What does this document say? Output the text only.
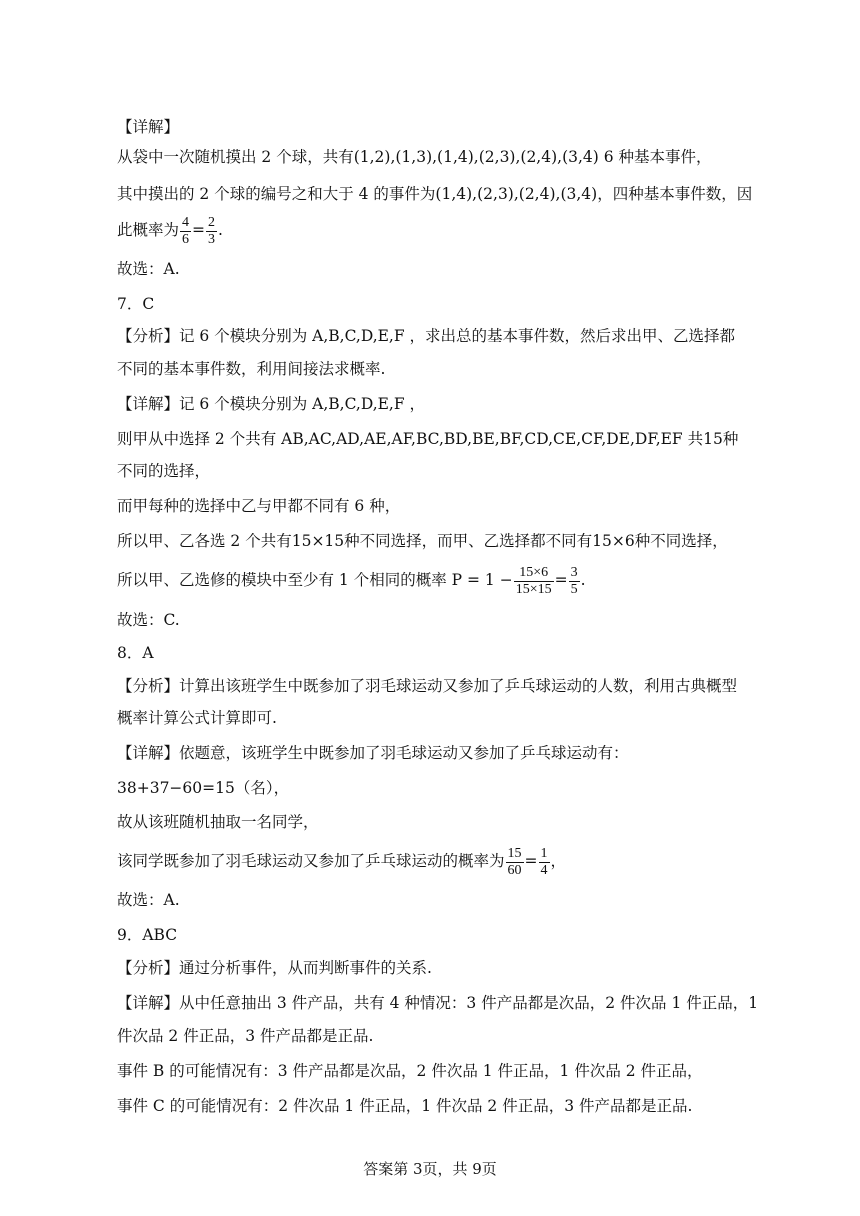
【详解】
从袋中一次随机摸出 2 个球，共有(1,2),(1,3),(1,4),(2,3),(2,4),(3,4) 6 种基本事件，
其中摸出的 2 个球的编号之和大于 4 的事件为(1,4),(2,3),(2,4),(3,4)，四种基本事件数，因
此概率为 $\frac{4}{6} = \frac{2}{3}$ .
故选：A.
7．C
【分析】记 6 个模块分别为 A,B,C,D,E,F ，求出总的基本事件数，然后求出甲、乙选择都
不同的基本事件数，利用间接法求概率.
【详解】记 6 个模块分别为 A,B,C,D,E,F ，
则甲从中选择 2 个共有 AB,AC,AD,AE,AF,BC,BD,BE,BF,CD,CE,CF,DE,DF,EF 共15种
不同的选择，
而甲每种的选择中乙与甲都不同有 6 种，
所以甲、乙各选 2 个共有15×15种不同选择，而甲、乙选择都不同有15×6种不同选择，
所以甲、乙选修的模块中至少有 1 个相同的概率 $P = 1 - \frac{15\times 6}{15\times 15} = \frac{3}{5}$ .
故选：C.
8．A
【分析】计算出该班学生中既参加了羽毛球运动又参加了乒乓球运动的人数，利用古典概型
概率计算公式计算即可.
【详解】依题意，该班学生中既参加了羽毛球运动又参加了乒乓球运动有：
38+37−60=15（名），
故从该班随机抽取一名同学，
该同学既参加了羽毛球运动又参加了乒乓球运动的概率为 $\frac{15}{60} = \frac{1}{4}$ ，
故选：A.
9．ABC
【分析】通过分析事件，从而判断事件的关系.
【详解】从中任意抽出 3 件产品，共有 4 种情况：3 件产品都是次品，2 件次品 1 件正品，1
件次品 2 件正品，3 件产品都是正品.
事件 B 的可能情况有：3 件产品都是次品，2 件次品 1 件正品，1 件次品 2 件正品，
事件 C 的可能情况有：2 件次品 1 件正品，1 件次品 2 件正品，3 件产品都是正品.
答案第 3页，共 9页
